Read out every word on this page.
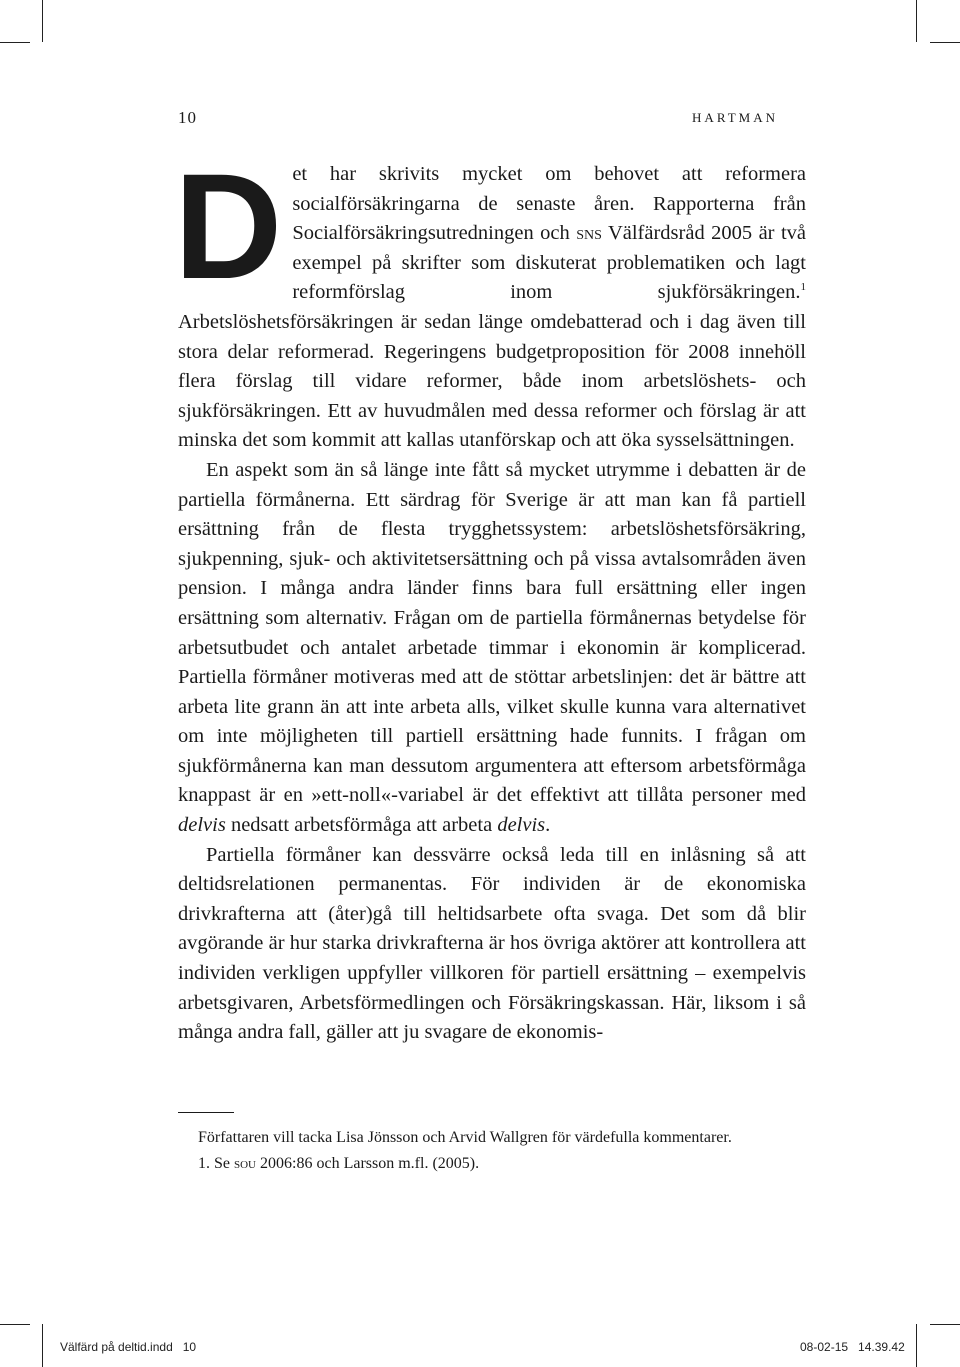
10	HARTMAN

Det har skrivits mycket om behovet att reformera socialförsäkringarna de senaste åren. Rapporterna från Socialförsäkringsutredningen och sns Välfärdsråd 2005 är två exempel på skrifter som diskuterat problematiken och lagt reformförslag inom sjukförsäkringen.$^1$ Arbetslöshetsförsäkringen är sedan länge omdebatterad och i dag även till stora delar reformerad. Regeringens budgetproposition för 2008 innehöll flera förslag till vidare reformer, både inom arbetslöshets- och sjukförsäkringen. Ett av huvudmålen med dessa reformer och förslag är att minska det som kommit att kallas utanförskap och att öka sysselsättningen.

En aspekt som än så länge inte fått så mycket utrymme i debatten är de partiella förmånerna. Ett särdrag för Sverige är att man kan få partiell ersättning från de flesta trygghetssystem: arbetslöshetsförsäkring, sjukpenning, sjuk- och aktivitetsersättning och på vissa avtalsområden även pension. I många andra länder finns bara full ersättning eller ingen ersättning som alternativ. Frågan om de partiella förmånernas betydelse för arbetsutbudet och antalet arbetade timmar i ekonomin är komplicerad. Partiella förmåner motiveras med att de stöttar arbetslinjen: det är bättre att arbeta lite grann än att inte arbeta alls, vilket skulle kunna vara alternativet om inte möjligheten till partiell ersättning hade funnits. I frågan om sjukförmånerna kan man dessutom argumentera att eftersom arbetsförmåga knappast är en »ett-noll«-variabel är det effektivt att tillåta personer med delvis nedsatt arbetsförmåga att arbeta delvis.

Partiella förmåner kan dessvärre också leda till en inlåsning så att deltidsrelationen permanentas. För individen är de ekonomiska drivkrafterna att (åter)gå till heltidsarbete ofta svaga. Det som då blir avgörande är hur starka drivkrafterna är hos övriga aktörer att kontrollera att individen verkligen uppfyller villkoren för partiell ersättning – exempelvis arbetsgivaren, Arbetsförmedlingen och Försäkringskassan. Här, liksom i så många andra fall, gäller att ju svagare de ekonomis-

Författaren vill tacka Lisa Jönsson och Arvid Wallgren för värdefulla kommentarer.

1. Se sou 2006:86 och Larsson m.fl. (2005).

Välfärd på deltid.indd   10	08-02-15   14.39.42
